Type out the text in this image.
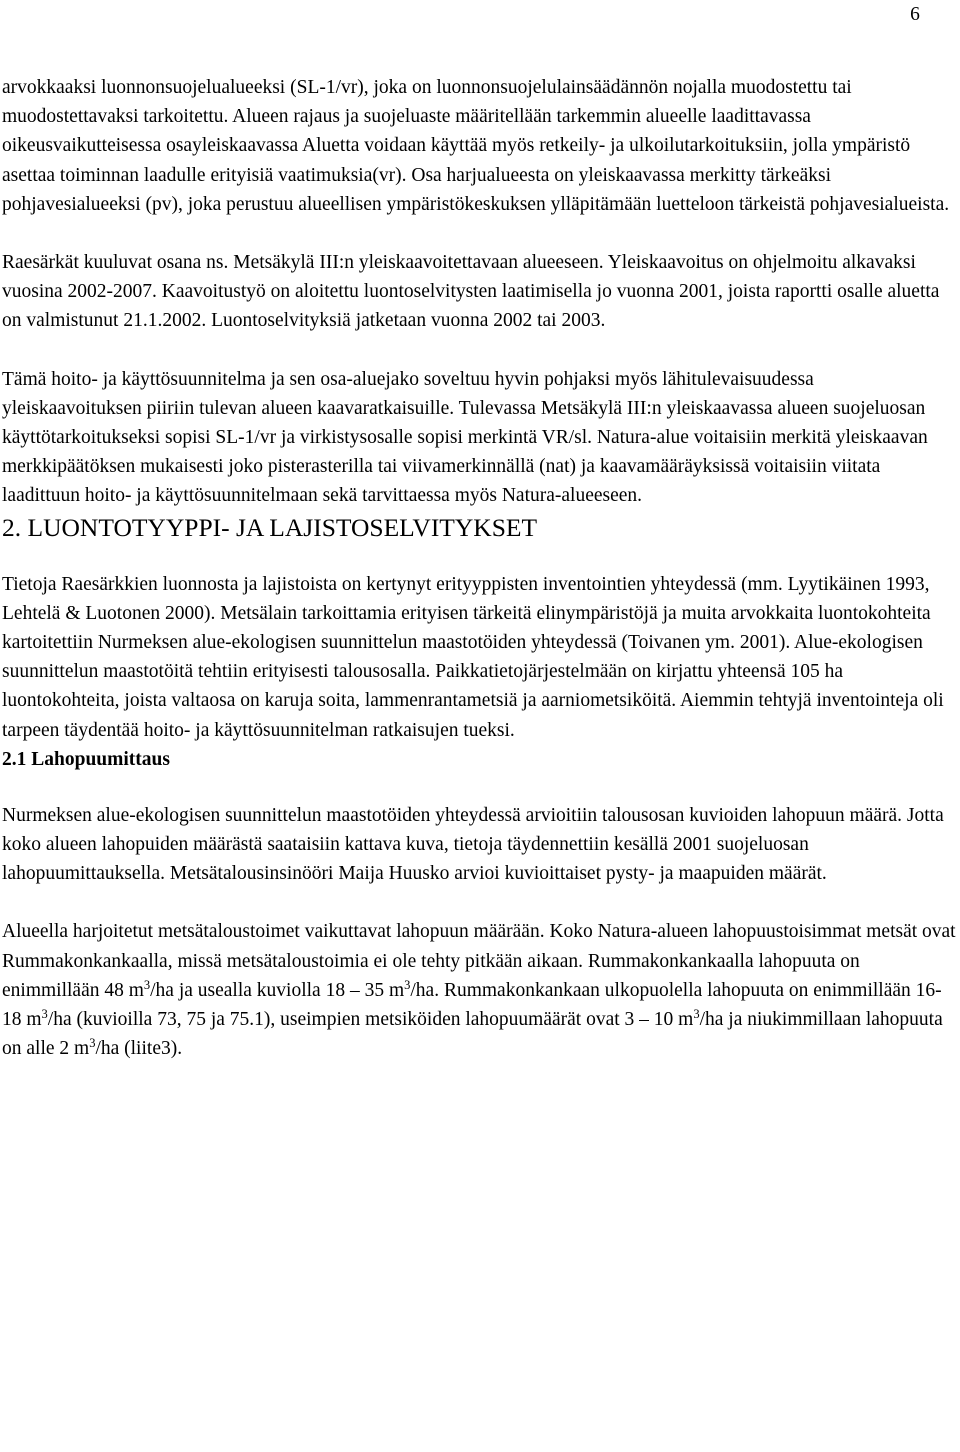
6

arvokkaaksi luonnonsuojelualueeksi (SL-1/vr), joka on luonnonsuojelulainsäädännön nojalla muodostettu tai muodostettavaksi tarkoitettu. Alueen rajaus ja suojeluaste määritellään tarkemmin alueelle laadittavassa oikeusvaikutteisessa osayleiskaavassa Aluetta voidaan käyttää myös retkeily- ja ulkoilutarkoituksiin, jolla ympäristö asettaa toiminnan laadulle erityisiä vaatimuksia(vr). Osa harjualueesta on yleiskaavassa merkitty tärkeäksi pohjavesialueeksi (pv), joka perustuu alueellisen ympäristökeskuksen ylläpitämään luetteloon tärkeistä pohjavesialueista.

Raesärkät kuuluvat osana ns. Metsäkylä III:n yleiskaavoitettavaan alueeseen. Yleiskaavoitus on ohjelmoitu alkavaksi vuosina 2002-2007. Kaavoitustyö on aloitettu luontoselvitysten laatimisella jo vuonna 2001, joista raportti osalle aluetta on valmistunut 21.1.2002. Luontoselvityksiä jatketaan vuonna 2002 tai 2003.

Tämä hoito- ja käyttösuunnitelma ja sen osa-aluejako soveltuu hyvin pohjaksi myös lähitulevaisuudessa yleiskaavoituksen piiriin tulevan alueen kaavaratkaisuille. Tulevassa Metsäkylä III:n yleiskaavassa alueen suojeluosan käyttötarkoitukseksi sopisi SL-1/vr ja virkistysosalle sopisi merkintä VR/sl. Natura-alue voitaisiin merkitä yleiskaavan merkkipäätöksen mukaisesti joko pisterasterilla tai viivamerkinnällä (nat) ja kaavamääräyksissä voitaisiin viitata laadittuun hoito- ja käyttösuunnitelmaan sekä tarvittaessa myös Natura-alueeseen.

2. LUONTOTYYPPI- JA LAJISTOSELVITYKSET

Tietoja Raesärkkien luonnosta ja lajistoista on kertynyt erityyppisten inventointien yhteydessä (mm. Lyytikäinen 1993, Lehtelä & Luotonen 2000). Metsälain tarkoittamia erityisen tärkeitä elinympäristöjä ja muita arvokkaita luontokohteita kartoitettiin Nurmeksen alue-ekologisen suunnittelun maastotöiden yhteydessä (Toivanen ym. 2001). Alue-ekologisen suunnittelun maastotöitä tehtiin erityisesti talousosalla. Paikkatietojärjestelmään on kirjattu yhteensä 105 ha luontokohteita, joista valtaosa on karuja soita, lammenrantametsiä ja aarniometsiköitä. Aiemmin tehtyjä inventointeja oli tarpeen täydentää hoito- ja käyttösuunnitelman ratkaisujen tueksi.

2.1 Lahopuumittaus

Nurmeksen alue-ekologisen suunnittelun maastotöiden yhteydessä arvioitiin talousosan kuvioiden lahopuun määrä. Jotta koko alueen lahopuiden määrästä saataisiin kattava kuva, tietoja täydennettiin kesällä 2001 suojeluosan lahopuumittauksella. Metsätalousinsinööri Maija Huusko arvioi kuvioittaiset pysty- ja maapuiden määrät.

Alueella harjoitetut metsätaloustoimet vaikuttavat lahopuun määrään. Koko Natura-alueen lahopuustoisimmat metsät ovat Rummakonkankaalla, missä metsätaloustoimia ei ole tehty pitkään aikaan. Rummakonkankaalla lahopuuta on enimmillään 48 $m^3/ha$ ja usealla kuviolla 18 – 35 $m^3/ha$. Rummakonkankaan ulkopuolella lahopuuta on enimmillään 16-18 $m^3/ha$ (kuvioilla 73, 75 ja 75.1), useimpien metsiköiden lahopuumäärät ovat 3 – 10 $m^3/ha$ ja niukimmillaan lahopuuta on alle 2 $m^3/ha$ (liite3).
